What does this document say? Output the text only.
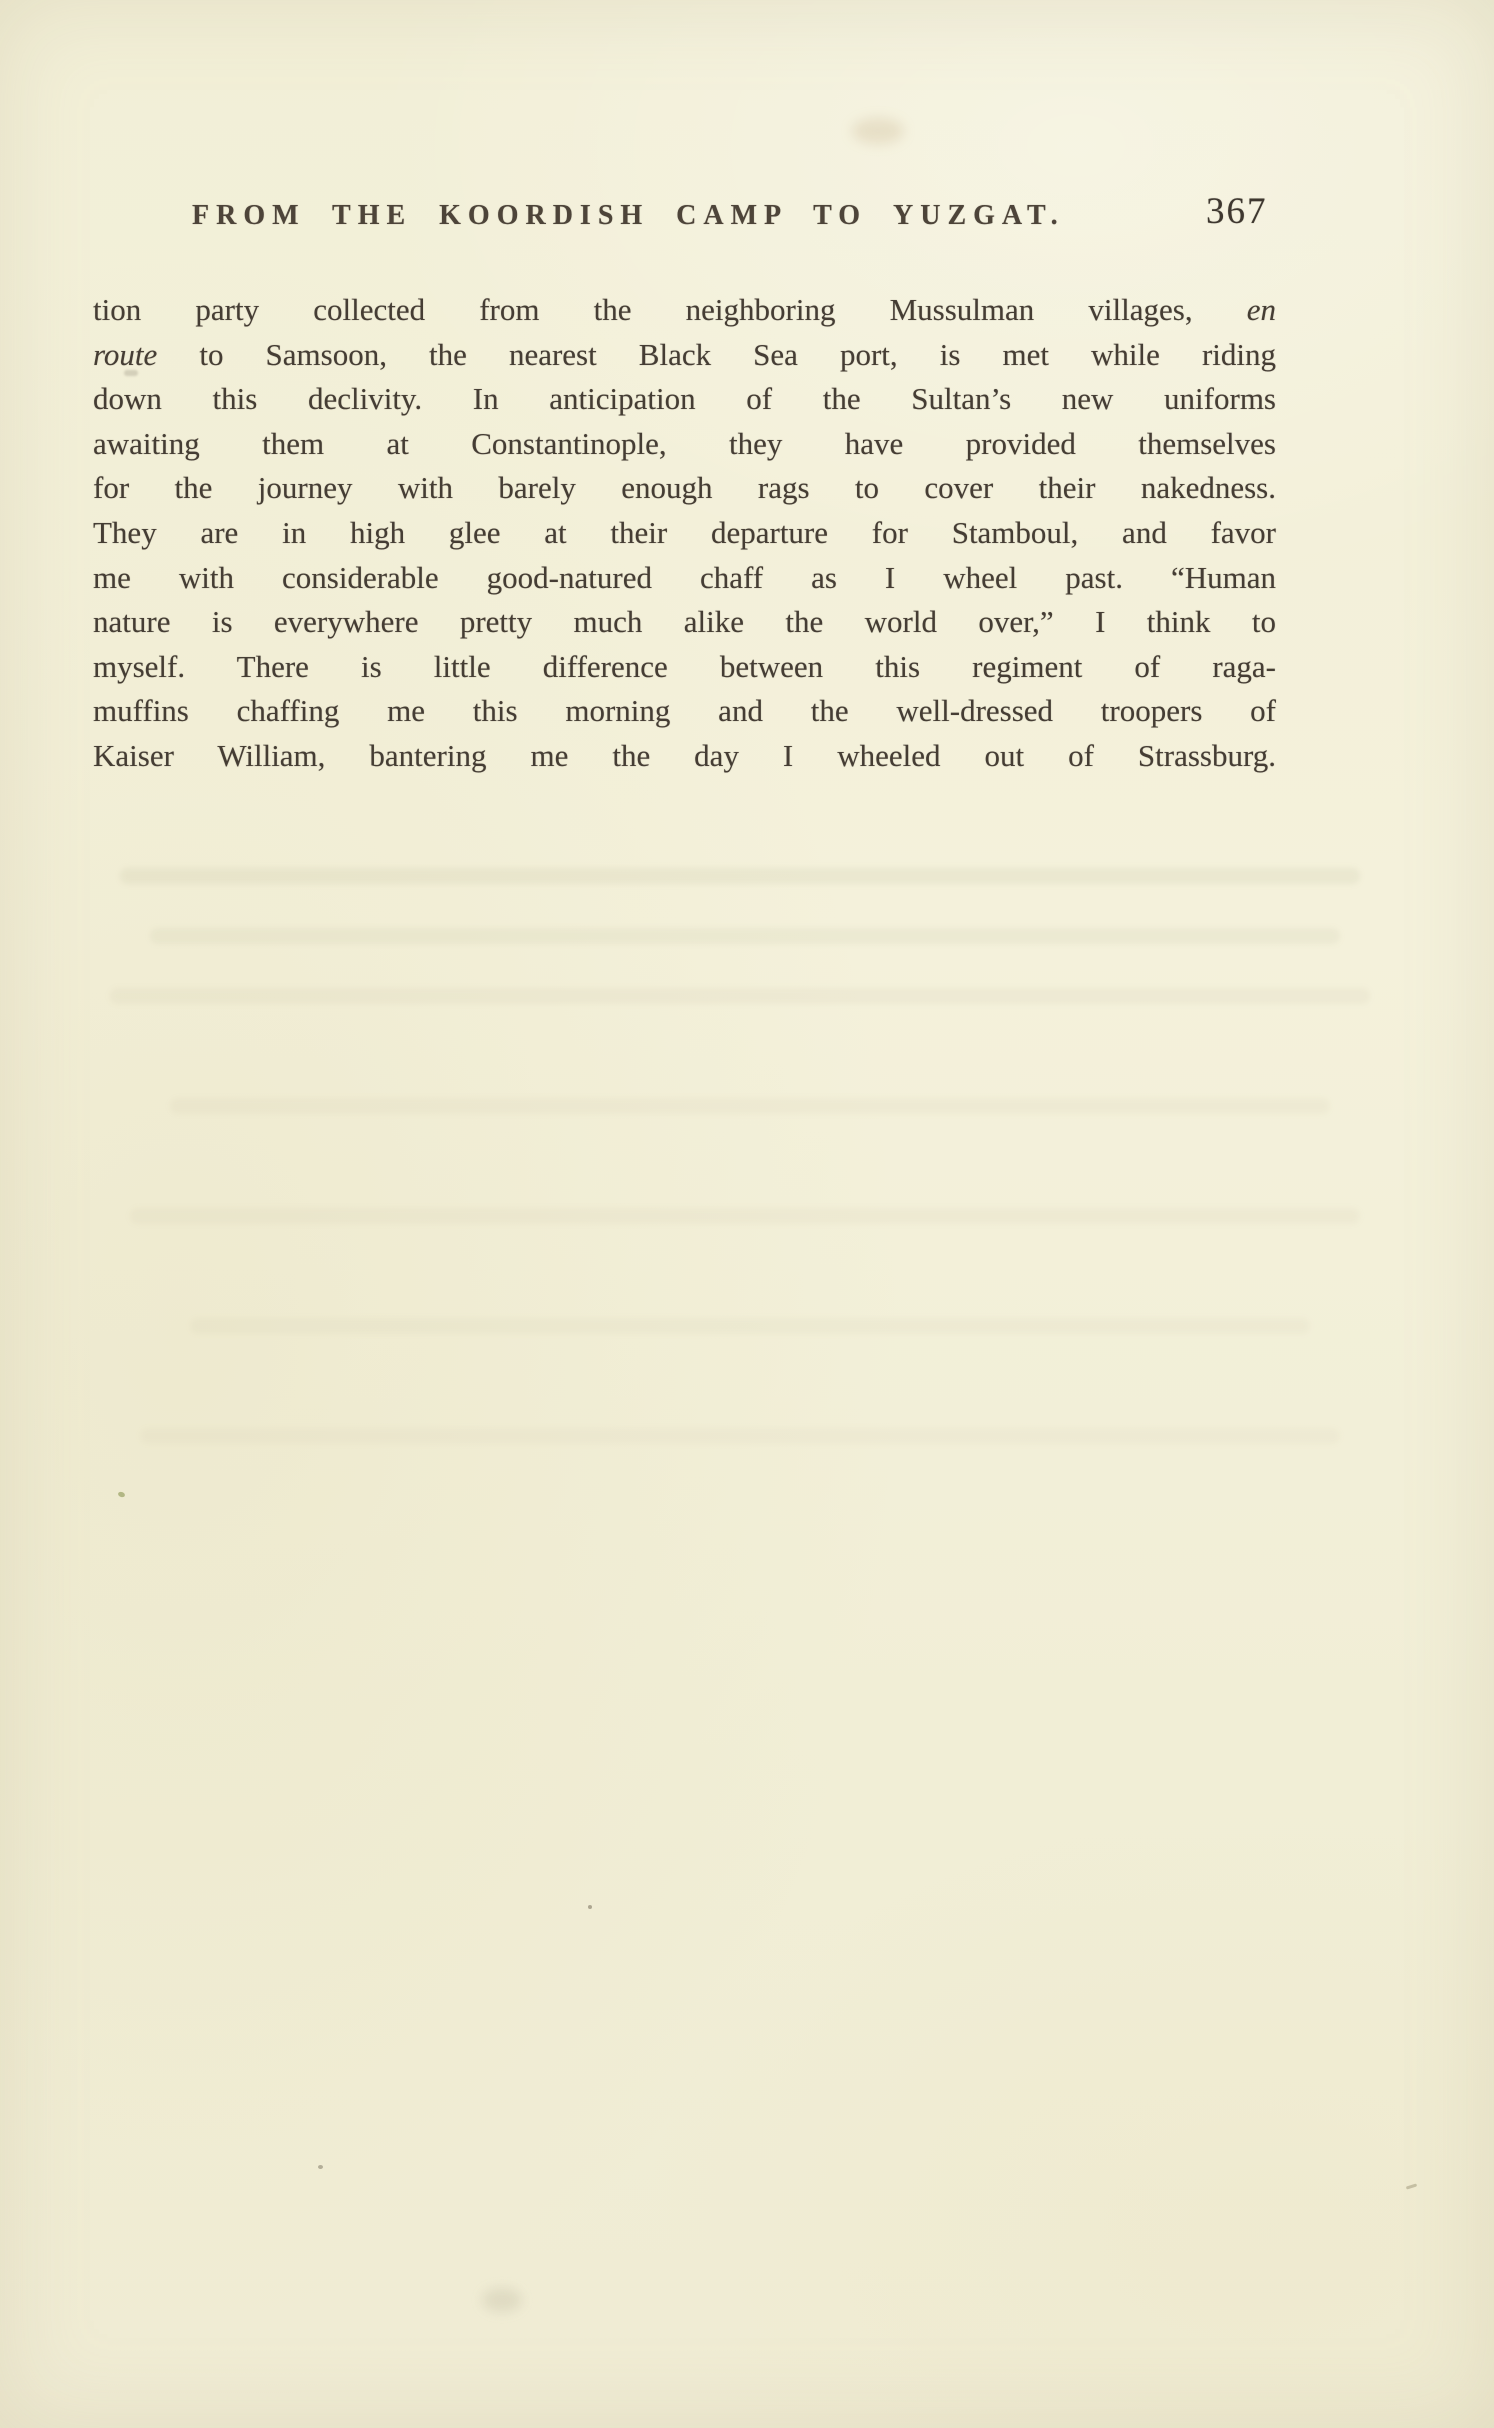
FROM THE KOORDISH CAMP TO YUZGAT.	367
tion party collected from the neighboring Mussulman villages, en
route to Samsoon, the nearest Black Sea port, is met while riding
down this declivity. In anticipation of the Sultan’s new uniforms
awaiting them at Constantinople, they have provided themselves
for the journey with barely enough rags to cover their nakedness.
They are in high glee at their departure for Stamboul, and favor
me with considerable good-natured chaff as I wheel past. “Human
nature is everywhere pretty much alike the world over,” I think to
myself. There is little difference between this regiment of raga-
muffins chaffing me this morning and the well-dressed troopers of
Kaiser William, bantering me the day I wheeled out of Strassburg.
